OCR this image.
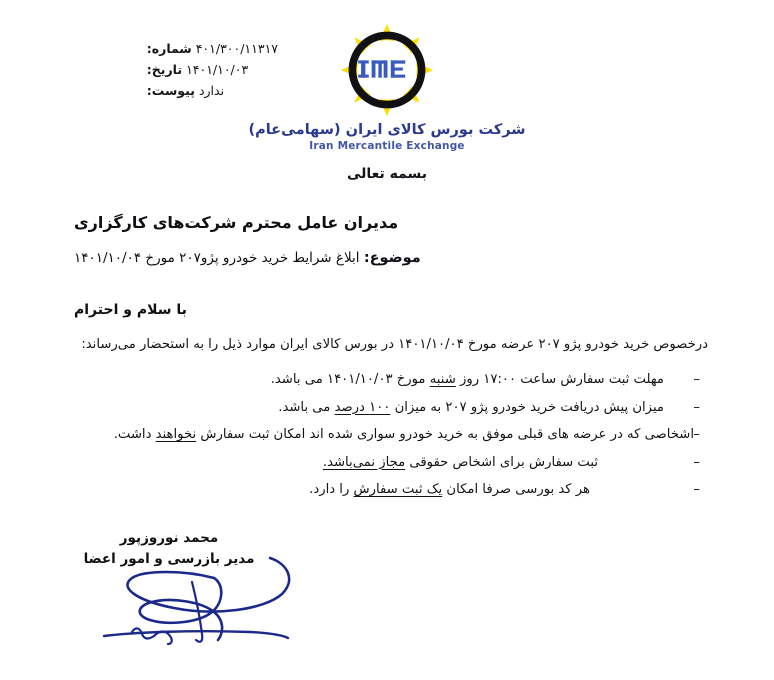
۴۰۱/۳۰۰/۱۱۳۱۷ شماره:
۱۴۰۱/۱۰/۰۳ تاریخ:
ندارد پیوست:
شرکت بورس کالای ایران (سهامی‌عام)
Iran Mercantile Exchange
بسمه تعالی
مدیران عامل محترم شرکت‌های کارگزاری
موضوع: ابلاغ شرایط خرید خودرو پژو۲۰۷ مورخ ۱۴۰۱/۱۰/۰۴
با سلام و احترام
درخصوص خرید خودرو پژو ۲۰۷ عرضه مورخ ۱۴۰۱/۱۰/۰۴ در بورس کالای ایران موارد ذیل را به استحضار می‌رساند:
–
مهلت ثبت سفارش ساعت ۱۷:۰۰ روز شنبه مورخ ۱۴۰۱/۱۰/۰۳ می باشد.
–
میزان پیش دریافت خرید خودرو پژو ۲۰۷ به میزان ۱۰۰ درصد می باشد.
–
اشخاصی که در عرضه های قبلی موفق به خرید خودرو سواری شده اند امکان ثبت سفارش نخواهند داشت.
–
ثبت سفارش برای اشخاص حقوقی مجاز نمی‌باشد.
–
هر کد بورسی صرفا امکان یک ثبت سفارش را دارد.
محمد نوروزپور
مدیر بازرسی و امور اعضا
